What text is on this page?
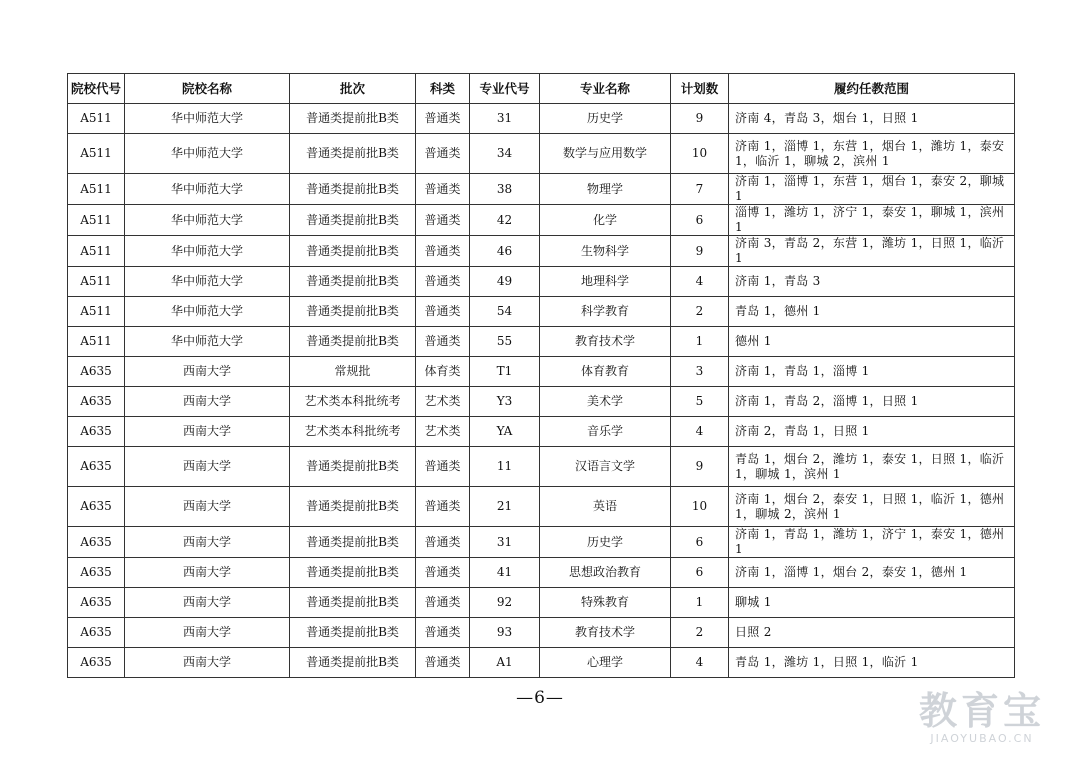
院校代号	院校名称	批次	科类	专业代号	专业名称	计划数	履约任教范围
A511	华中师范大学	普通类提前批B类	普通类	31	历史学	9	济南 4，青岛 3，烟台 1，日照 1
A511	华中师范大学	普通类提前批B类	普通类	34	数学与应用数学	10	济南 1，淄博 1，东营 1，烟台 1，潍坊 1，泰安 1，临沂 1，聊城 2，滨州 1
A511	华中师范大学	普通类提前批B类	普通类	38	物理学	7	济南 1，淄博 1，东营 1，烟台 1，泰安 2，聊城 1
A511	华中师范大学	普通类提前批B类	普通类	42	化学	6	淄博 1，潍坊 1，济宁 1，泰安 1，聊城 1，滨州 1
A511	华中师范大学	普通类提前批B类	普通类	46	生物科学	9	济南 3，青岛 2，东营 1，潍坊 1，日照 1，临沂 1
A511	华中师范大学	普通类提前批B类	普通类	49	地理科学	4	济南 1，青岛 3
A511	华中师范大学	普通类提前批B类	普通类	54	科学教育	2	青岛 1，德州 1
A511	华中师范大学	普通类提前批B类	普通类	55	教育技术学	1	德州 1
A635	西南大学	常规批	体育类	T1	体育教育	3	济南 1，青岛 1，淄博 1
A635	西南大学	艺术类本科批统考	艺术类	Y3	美术学	5	济南 1，青岛 2，淄博 1，日照 1
A635	西南大学	艺术类本科批统考	艺术类	YA	音乐学	4	济南 2，青岛 1，日照 1
A635	西南大学	普通类提前批B类	普通类	11	汉语言文学	9	青岛 1，烟台 2，潍坊 1，泰安 1，日照 1，临沂 1，聊城 1，滨州 1
A635	西南大学	普通类提前批B类	普通类	21	英语	10	济南 1，烟台 2，泰安 1，日照 1，临沂 1，德州 1，聊城 2，滨州 1
A635	西南大学	普通类提前批B类	普通类	31	历史学	6	济南 1，青岛 1，潍坊 1，济宁 1，泰安 1，德州 1
A635	西南大学	普通类提前批B类	普通类	41	思想政治教育	6	济南 1，淄博 1，烟台 2，泰安 1，德州 1
A635	西南大学	普通类提前批B类	普通类	92	特殊教育	1	聊城 1
A635	西南大学	普通类提前批B类	普通类	93	教育技术学	2	日照 2
A635	西南大学	普通类提前批B类	普通类	A1	心理学	4	青岛 1，潍坊 1，日照 1，临沂 1
—6—	教育宝
JIAOYUBAO.CN
